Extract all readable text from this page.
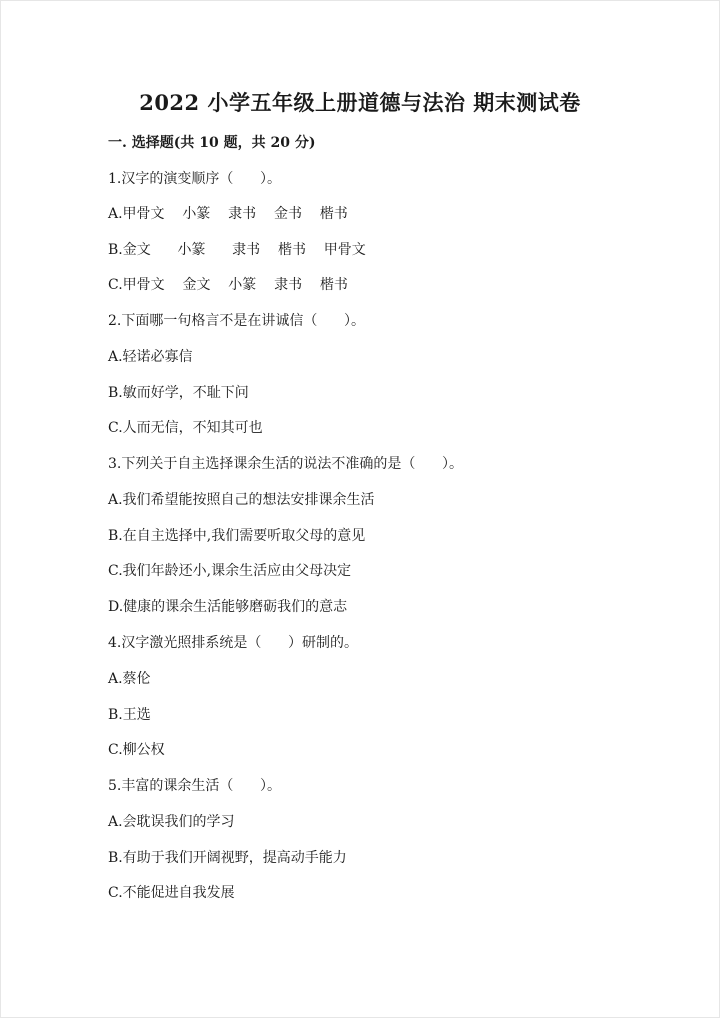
2022 小学五年级上册道德与法治 期末测试卷
一. 选择题(共 10 题，共 20 分)
1.汉字的演变顺序（      ）。
A.甲骨文    小篆    隶书    金书    楷书
B.金文      小篆      隶书    楷书    甲骨文
C.甲骨文    金文    小篆    隶书    楷书
2.下面哪一句格言不是在讲诚信（      ）。
A.轻诺必寡信
B.敏而好学，不耻下问
C.人而无信，不知其可也
3.下列关于自主选择课余生活的说法不准确的是（      ）。
A.我们希望能按照自己的想法安排课余生活
B.在自主选择中,我们需要听取父母的意见
C.我们年龄还小,课余生活应由父母决定
D.健康的课余生活能够磨砺我们的意志
4.汉字激光照排系统是（      ）研制的。
A.蔡伦
B.王选
C.柳公权
5.丰富的课余生活（      ）。
A.会耽误我们的学习
B.有助于我们开阔视野，提高动手能力
C.不能促进自我发展
